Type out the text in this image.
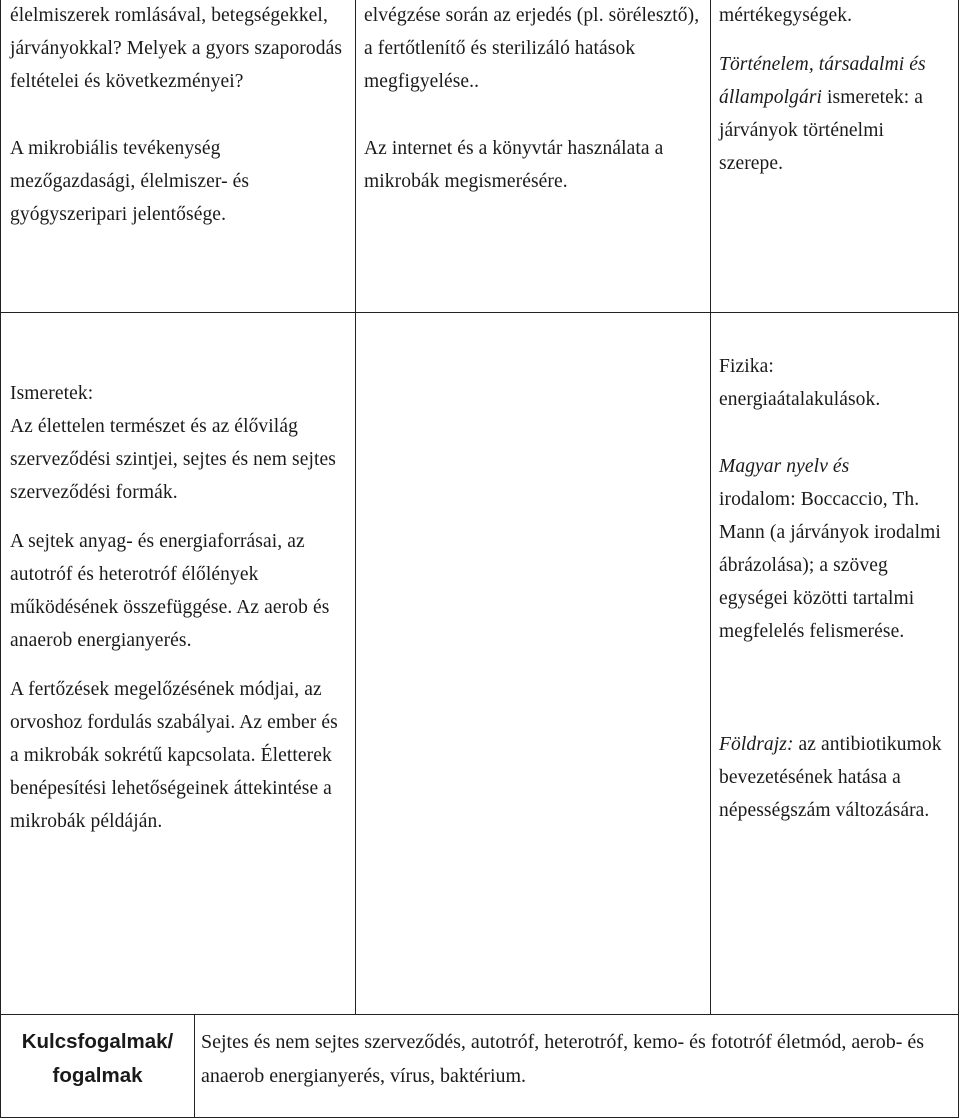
élelmiszerek romlásával, betegségekkel, járványokkal? Melyek a gyors szaporodás feltételei és következményei?

A mikrobiális tevékenység mezőgazdasági, élelmiszer- és gyógyszeripari jelentősége.

elvégzése során az erjedés (pl. sörélesztő), a fertőtlenítő és sterilizáló hatások megfigyelése..

Az internet és a könyvtár használata a mikrobák megismerésére.

mértékegységek.

Történelem, társadalmi és állampolgári ismeretek: a járványok történelmi szerepe.

Ismeretek:

Az élettelen természet és az élővilág szerveződési szintjei, sejtes és nem sejtes szerveződési formák.

A sejtek anyag- és energiaforrásai, az autotróf és heterotróf élőlények működésének összefüggése. Az aerob és anaerob energianyerés.

A fertőzések megelőzésének módjai, az orvoshoz fordulás szabályai. Az ember és a mikrobák sokrétű kapcsolata. Életterek benépesítési lehetőségeinek áttekintése a mikrobák példáján.

Fizika:

energiaátalakulások.

Magyar nyelv és

irodalom: Boccaccio, Th. Mann (a járványok irodalmi ábrázolása); a szöveg egységei közötti tartalmi megfelelés felismerése.

Földrajz: az antibiotikumok bevezetésének hatása a népességszám változására.

Kulcsfogalmak/ fogalmak
Sejtes és nem sejtes szerveződés, autotróf, heterotróf, kemo- és fototróf életmód, aerob- és anaerob energianyerés, vírus, baktérium.
